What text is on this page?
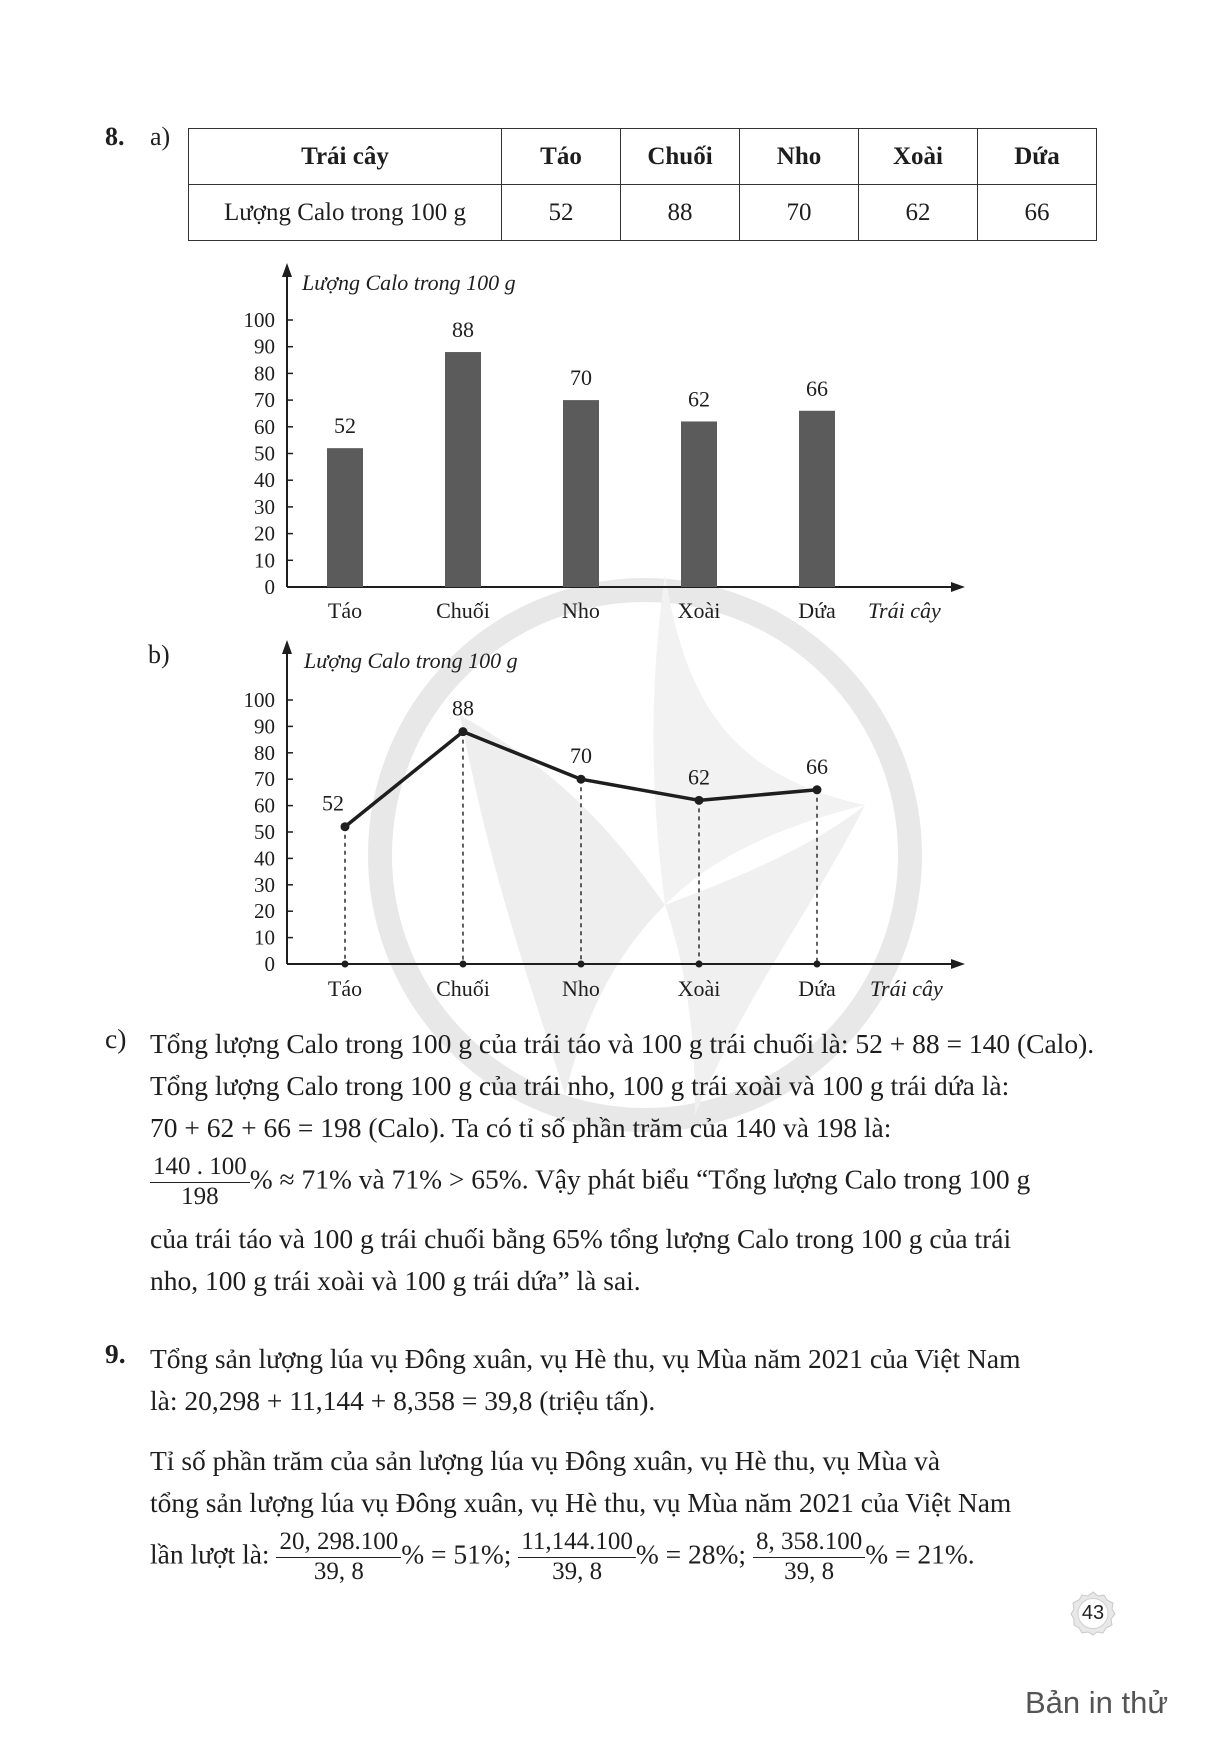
8. a)
Trái cây	Táo	Chuối	Nho	Xoài	Dứa
Lượng Calo trong 100 g	52	88	70	62	66
Lượng Calo trong 100 g
Trái cây
0
10
20
30
40
50
60
70
80
90
100
Táo	Chuối	Nho	Xoài	Dứa
52
88
70
62	66
Lượng Calo trong 100 g
Trái cây
0
10
20
30
40
50
60
70
80
90
100
Táo	Chuối	Nho	Xoài	Dứa
52
88
70
62	66
b)
c) Tổng lượng Calo trong 100 g của trái táo và 100 g trái chuối là: 52 + 88 = 140 (Calo).
Tổng lượng Calo trong 100 g của trái nho, 100 g trái xoài và 100 g trái dứa là:
70 + 62 + 66 = 198 (Calo). Ta có tỉ số phần trăm của 140 và 198 là:
$\frac{140 . 100}{198}$ % ≈ 71% và 71% > 65%. Vậy phát biểu “Tổng lượng Calo trong 100 g
của trái táo và 100 g trái chuối bằng 65% tổng lượng Calo trong 100 g của trái
nho, 100 g trái xoài và 100 g trái dứa” là sai.
9. Tổng sản lượng lúa vụ Đông xuân, vụ Hè thu, vụ Mùa năm 2021 của Việt Nam
là: 20,298 + 11,144 + 8,358 = 39,8 (triệu tấn).
Tỉ số phần trăm của sản lượng lúa vụ Đông xuân, vụ Hè thu, vụ Mùa và
tổng sản lượng lúa vụ Đông xuân, vụ Hè thu, vụ Mùa năm 2021 của Việt Nam
lần lượt là: $\frac{20, 298.100}{39, 8}$ % = 51%; $\frac{11,144.100}{39, 8}$ % = 28%; $\frac{8, 358.100}{39, 8}$ % = 21%.
43
Bản in thử
